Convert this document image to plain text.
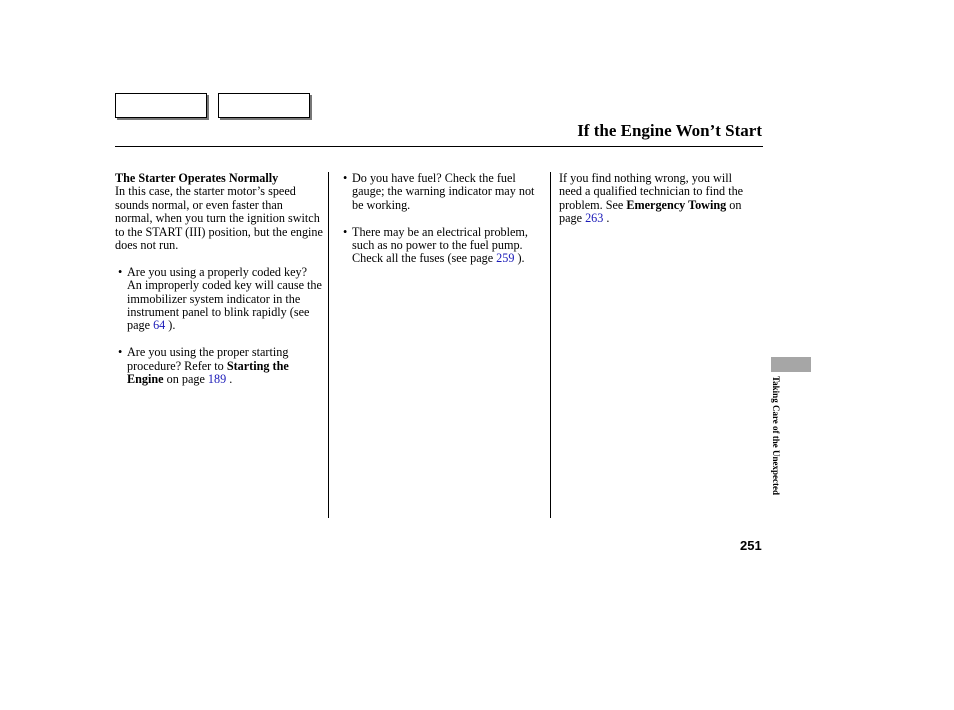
If the Engine Won’t Start
The Starter Operates Normally
In this case, the starter motor’s speed sounds normal, or even faster than normal, when you turn the ignition switch to the START (III) position, but the engine does not run.
• Are you using a properly coded key? An improperly coded key will cause the immobilizer system indicator in the instrument panel to blink rapidly (see page 64 ).
• Are you using the proper starting procedure? Refer to Starting the Engine on page 189 .
• Do you have fuel? Check the fuel gauge; the warning indicator may not be working.
• There may be an electrical problem, such as no power to the fuel pump. Check all the fuses (see page 259 ).
If you find nothing wrong, you will need a qualified technician to find the problem. See Emergency Towing on page 263 .
Taking Care of the Unexpected
251
